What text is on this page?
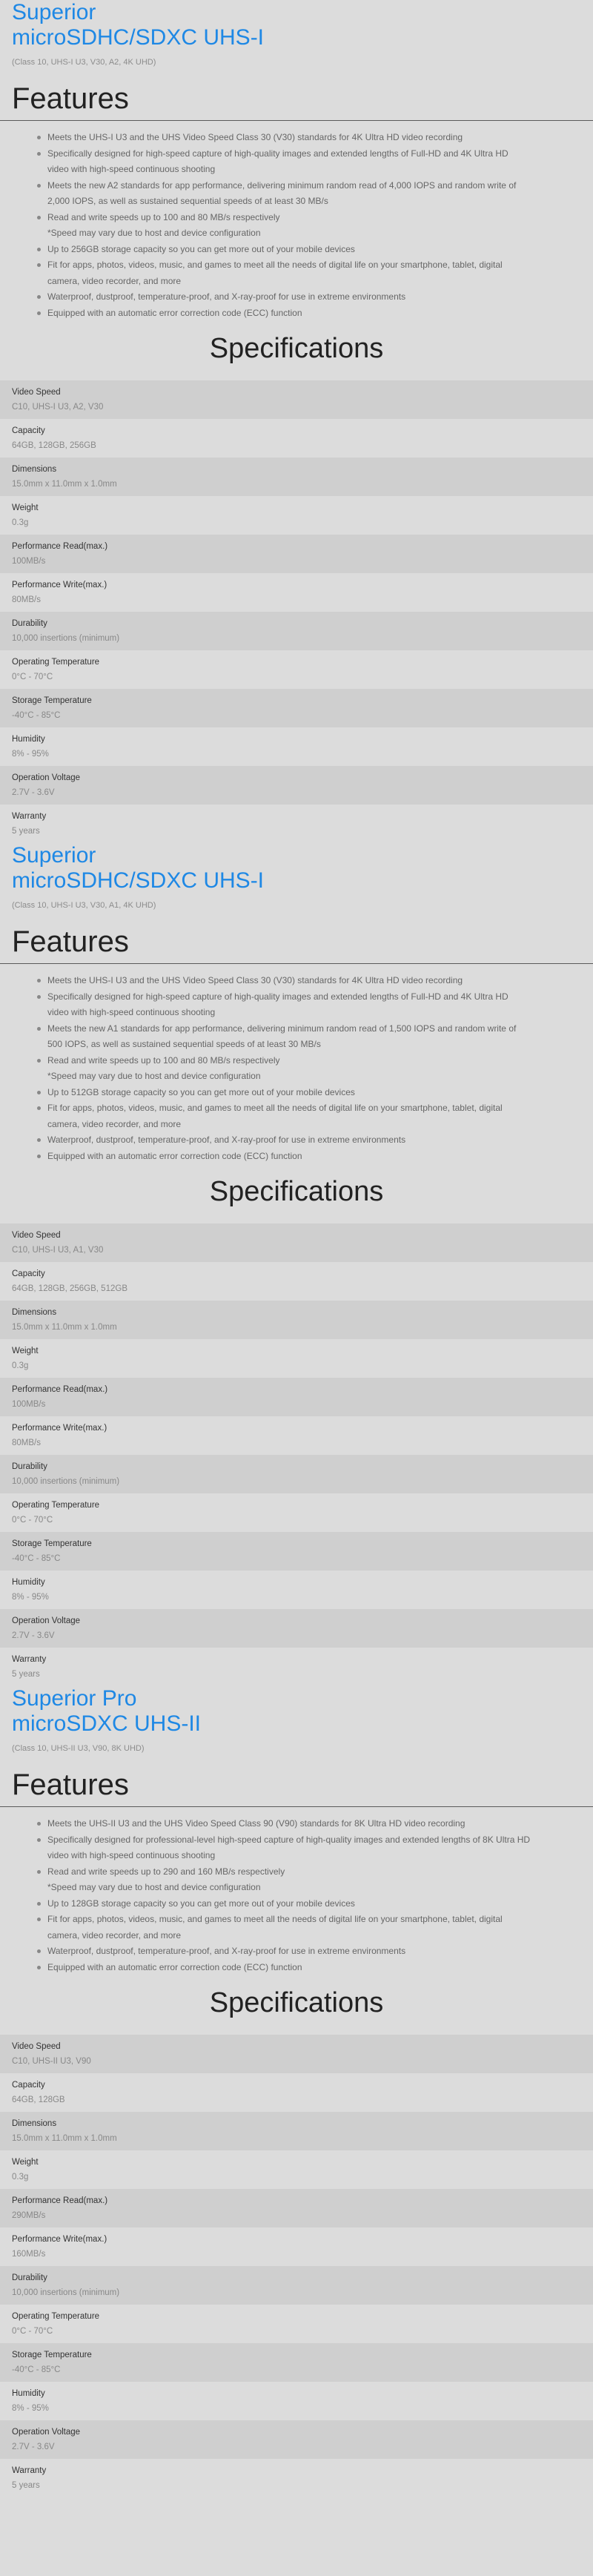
Superior
microSDHC/SDXC UHS-I
(Class 10, UHS-I U3, V30, A2, 4K UHD)
Features
Meets the UHS-I U3 and the UHS Video Speed Class 30 (V30) standards for 4K Ultra HD video recording
Specifically designed for high-speed capture of high-quality images and extended lengths of Full-HD and 4K Ultra HD
video with high-speed continuous shooting
Meets the new A2 standards for app performance, delivering minimum random read of 4,000 IOPS and random write of
2,000 IOPS, as well as sustained sequential speeds of at least 30 MB/s
Read and write speeds up to 100 and 80 MB/s respectively
*Speed may vary due to host and device configuration
Up to 256GB storage capacity so you can get more out of your mobile devices
Fit for apps, photos, videos, music, and games to meet all the needs of digital life on your smartphone, tablet, digital
camera, video recorder, and more
Waterproof, dustproof, temperature-proof, and X-ray-proof for use in extreme environments
Equipped with an automatic error correction code (ECC) function
Specifications
Video Speed
C10, UHS-I U3, A2, V30
Capacity
64GB, 128GB, 256GB
Dimensions
15.0mm x 11.0mm x 1.0mm
Weight
0.3g
Performance Read(max.)
100MB/s
Performance Write(max.)
80MB/s
Durability
10,000 insertions (minimum)
Operating Temperature
0°C - 70°C
Storage Temperature
-40°C - 85°C
Humidity
8% - 95%
Operation Voltage
2.7V - 3.6V
Warranty
5 years
Superior
microSDHC/SDXC UHS-I
(Class 10, UHS-I U3, V30, A1, 4K UHD)
Features
Meets the UHS-I U3 and the UHS Video Speed Class 30 (V30) standards for 4K Ultra HD video recording
Specifically designed for high-speed capture of high-quality images and extended lengths of Full-HD and 4K Ultra HD
video with high-speed continuous shooting
Meets the new A1 standards for app performance, delivering minimum random read of 1,500 IOPS and random write of
500 IOPS, as well as sustained sequential speeds of at least 30 MB/s
Read and write speeds up to 100 and 80 MB/s respectively
*Speed may vary due to host and device configuration
Up to 512GB storage capacity so you can get more out of your mobile devices
Fit for apps, photos, videos, music, and games to meet all the needs of digital life on your smartphone, tablet, digital
camera, video recorder, and more
Waterproof, dustproof, temperature-proof, and X-ray-proof for use in extreme environments
Equipped with an automatic error correction code (ECC) function
Specifications
Video Speed
C10, UHS-I U3, A1, V30
Capacity
64GB, 128GB, 256GB, 512GB
Dimensions
15.0mm x 11.0mm x 1.0mm
Weight
0.3g
Performance Read(max.)
100MB/s
Performance Write(max.)
80MB/s
Durability
10,000 insertions (minimum)
Operating Temperature
0°C - 70°C
Storage Temperature
-40°C - 85°C
Humidity
8% - 95%
Operation Voltage
2.7V - 3.6V
Warranty
5 years
Superior Pro
microSDXC UHS-II
(Class 10, UHS-II U3, V90, 8K UHD)
Features
Meets the UHS-II U3 and the UHS Video Speed Class 90 (V90) standards for 8K Ultra HD video recording
Specifically designed for professional-level high-speed capture of high-quality images and extended lengths of 8K Ultra HD
video with high-speed continuous shooting
Read and write speeds up to 290 and 160 MB/s respectively
*Speed may vary due to host and device configuration
Up to 128GB storage capacity so you can get more out of your mobile devices
Fit for apps, photos, videos, music, and games to meet all the needs of digital life on your smartphone, tablet, digital
camera, video recorder, and more
Waterproof, dustproof, temperature-proof, and X-ray-proof for use in extreme environments
Equipped with an automatic error correction code (ECC) function
Specifications
Video Speed
C10, UHS-II U3, V90
Capacity
64GB, 128GB
Dimensions
15.0mm x 11.0mm x 1.0mm
Weight
0.3g
Performance Read(max.)
290MB/s
Performance Write(max.)
160MB/s
Durability
10,000 insertions (minimum)
Operating Temperature
0°C - 70°C
Storage Temperature
-40°C - 85°C
Humidity
8% - 95%
Operation Voltage
2.7V - 3.6V
Warranty
5 years
